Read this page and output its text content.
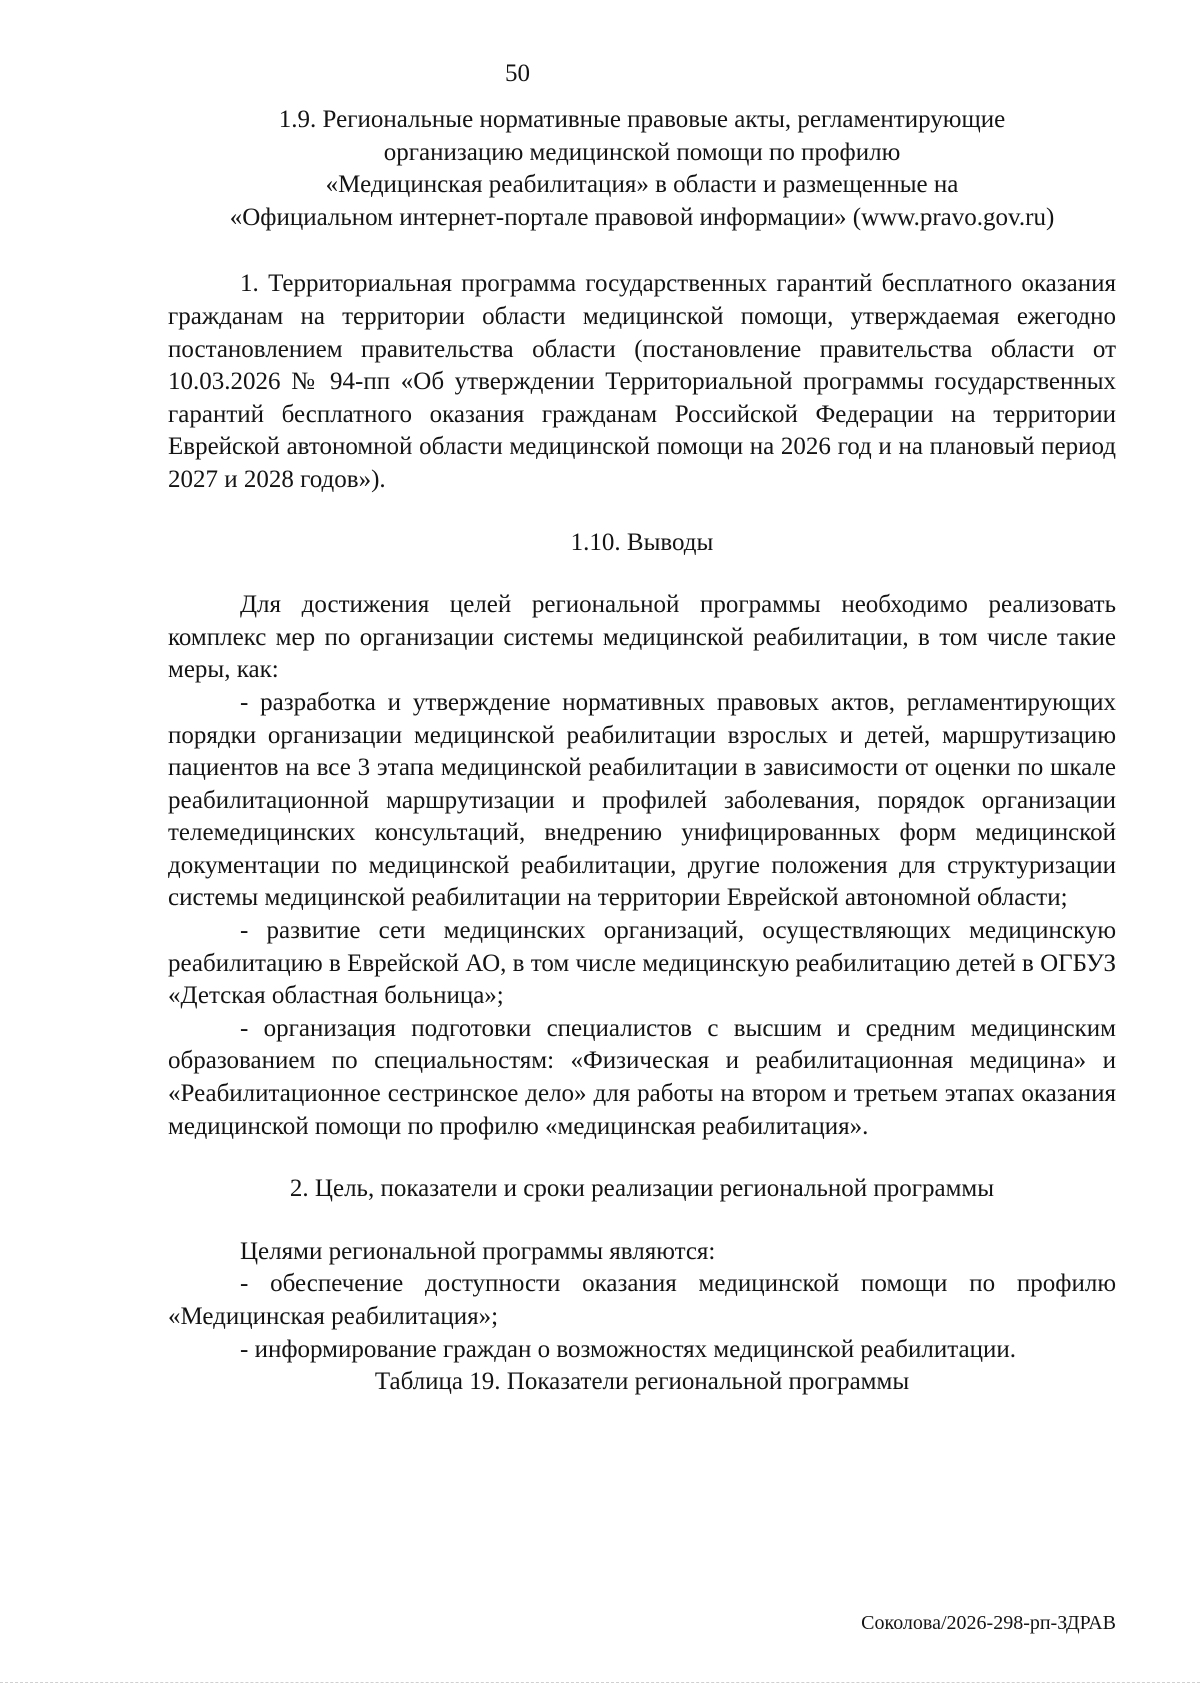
50

1.9. Региональные нормативные правовые акты, регламентирующие

организацию медицинской помощи по профилю

«Медицинская реабилитация» в области и размещенные на

«Официальном интернет-портале правовой информации» (www.pravo.gov.ru)

1. Территориальная программа государственных гарантий бесплатного оказания гражданам на территории области медицинской помощи, утверждаемая ежегодно постановлением правительства области (постановление правительства области от 10.03.2026 № 94-пп «Об утверждении Территориальной программы государственных гарантий бесплатного оказания гражданам Российской Федерации на территории Еврейской автономной области медицинской помощи на 2026 год и на плановый период 2027 и 2028 годов»).

1.10. Выводы

Для достижения целей региональной программы необходимо реализовать комплекс мер по организации системы медицинской реабилитации, в том числе такие меры, как:

- разработка и утверждение нормативных правовых актов, регламентирующих порядки организации медицинской реабилитации взрослых и детей, маршрутизацию пациентов на все 3 этапа медицинской реабилитации в зависимости от оценки по шкале реабилитационной маршрутизации и профилей заболевания, порядок организации телемедицинских консультаций, внедрению унифицированных форм медицинской документации по медицинской реабилитации, другие положения для структуризации системы медицинской реабилитации на территории Еврейской автономной области;

- развитие сети медицинских организаций, осуществляющих медицинскую реабилитацию в Еврейской АО, в том числе медицинскую реабилитацию детей в ОГБУЗ «Детская областная больница»;

- организация подготовки специалистов с высшим и средним медицинским образованием по специальностям: «Физическая и реабилитационная медицина» и «Реабилитационное сестринское дело» для работы на втором и третьем этапах оказания медицинской помощи по профилю «медицинская реабилитация».

2. Цель, показатели и сроки реализации региональной программы

Целями региональной программы являются:

- обеспечение доступности оказания медицинской помощи по профилю «Медицинская реабилитация»;

- информирование граждан о возможностях медицинской реабилитации.

Таблица 19. Показатели региональной программы

Соколова/2026-298-рп-ЗДРАВ
